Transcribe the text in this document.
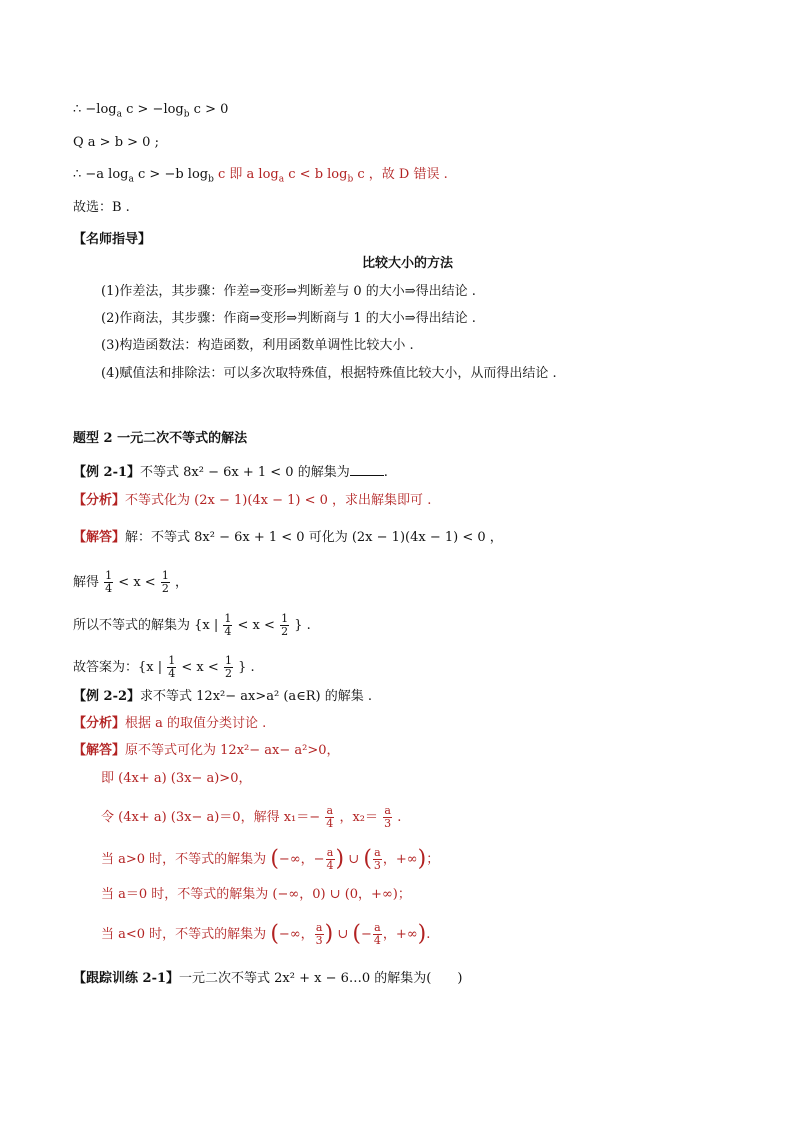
∴ $-\log_a$ $c > -\log_b$ c > 0
Q a > b > 0 ;
∴ −a $\log_a c > -b$ $\log_b c$ 即 a $\log_a c < b$ $\log_b c$ ，故 D 错误 .
故选：B .
【名师指导】
比较大小的方法
(1)作差法，其步骤：作差⇒变形⇒判断差与 0 的大小⇒得出结论 .
(2)作商法，其步骤：作商⇒变形⇒判断商与 1 的大小⇒得出结论 .
(3)构造函数法：构造函数，利用函数单调性比较大小 .
(4)赋值法和排除法：可以多次取特殊值，根据特殊值比较大小，从而得出结论 .
题型 2 一元二次不等式的解法
【例 2-1】不等式 8x² − 6x + 1 < 0 的解集为	.
【分析】不等式化为 (2x − 1)(4x − 1) < 0 ，求出解集即可 .
【解答】解：不等式 8x² − 6x + 1 < 0 可化为 (2x − 1)(4x − 1) < 0 ，
解得 $\frac{1}{4} < x < \frac{1}{2}$ ，
所以不等式的解集为 {x | $\frac{1}{4} < x < \frac{1}{2}$ } .
故答案为：{x | $\frac{1}{4} < x < \frac{1}{2}$ } .
【例 2-2】求不等式 12x²− ax>a² (a∈R) 的解集 .
【分析】根据 a 的取值分类讨论 .
【解答】原不等式可化为 12x²− ax− a²>0，
即 (4x+ a) (3x− a)>0，
令 (4x+ a) (3x− a)＝0，解得 $x_1=- \frac{a}{4}$ ，$x_2= \frac{a}{3}$ .
当 a>0 时，不等式的解集为 (−∞，− $\frac{a}{4}$ ) ∪ ( $\frac{a}{3}$ ，+∞)；
当 a＝0 时，不等式的解集为 (−∞，0) ∪ (0，+∞)；
当 a<0 时，不等式的解集为 (−∞， $\frac{a}{3}$ ) ∪ (− $\frac{a}{4}$ ，+∞).
【跟踪训练 2-1】一元二次不等式 2x² + x − 6…0 的解集为(　　)
